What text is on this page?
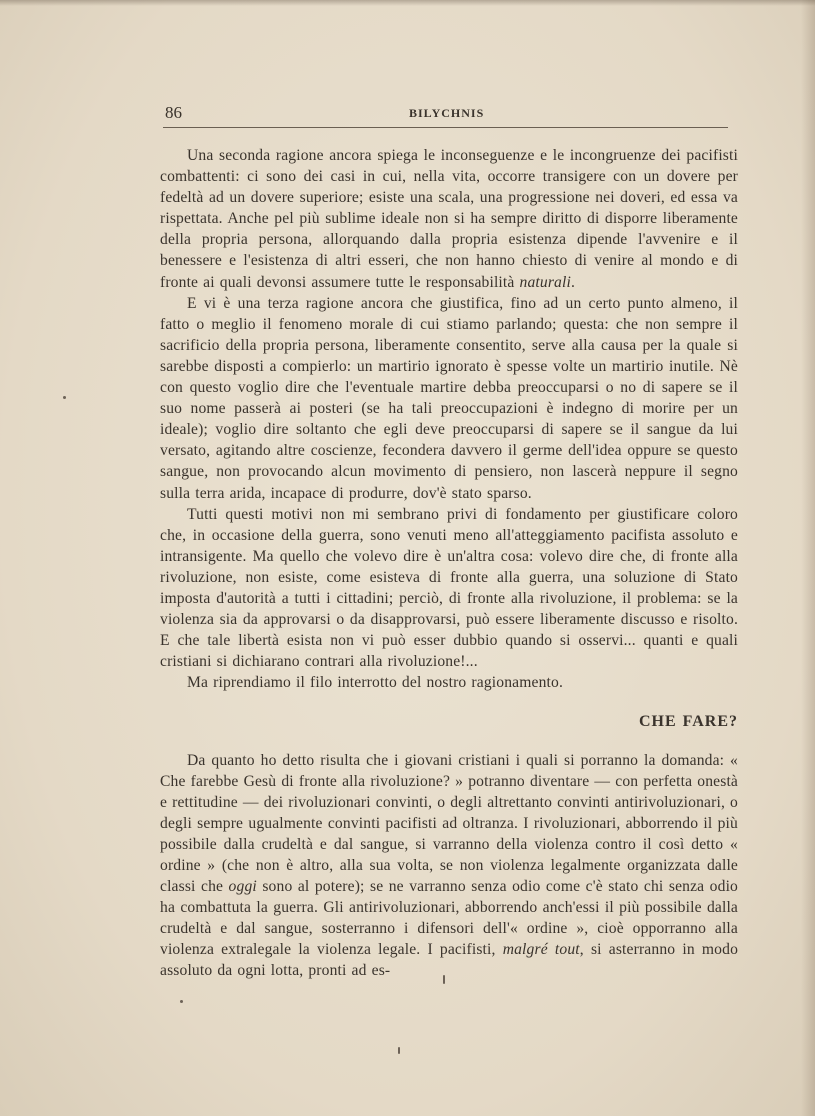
86	BILYCHNIS

Una seconda ragione ancora spiega le inconseguenze e le incongruenze dei pacifisti combattenti: ci sono dei casi in cui, nella vita, occorre transigere con un dovere per fedeltà ad un dovere superiore; esiste una scala, una progressione nei doveri, ed essa va rispettata. Anche pel più sublime ideale non si ha sempre diritto di disporre liberamente della propria persona, allorquando dalla propria esistenza dipende l'avvenire e il benessere e l'esistenza di altri esseri, che non hanno chiesto di venire al mondo e di fronte ai quali devonsi assumere tutte le responsabilità naturali.

E vi è una terza ragione ancora che giustifica, fino ad un certo punto almeno, il fatto o meglio il fenomeno morale di cui stiamo parlando; questa: che non sempre il sacrificio della propria persona, liberamente consentito, serve alla causa per la quale si sarebbe disposti a compierlo: un martirio ignorato è spesse volte un martirio inutile. Nè con questo voglio dire che l'eventuale martire debba preoccuparsi o no di sapere se il suo nome passerà ai posteri (se ha tali preoccupazioni è indegno di morire per un ideale); voglio dire soltanto che egli deve preoccuparsi di sapere se il sangue da lui versato, agitando altre coscienze, fecondera davvero il germe dell'idea oppure se questo sangue, non provocando alcun movimento di pensiero, non lascerà neppure il segno sulla terra arida, incapace di produrre, dov'è stato sparso.

Tutti questi motivi non mi sembrano privi di fondamento per giustificare coloro che, in occasione della guerra, sono venuti meno all'atteggiamento pacifista assoluto e intransigente. Ma quello che volevo dire è un'altra cosa: volevo dire che, di fronte alla rivoluzione, non esiste, come esisteva di fronte alla guerra, una soluzione di Stato imposta d'autorità a tutti i cittadini; perciò, di fronte alla rivoluzione, il problema: se la violenza sia da approvarsi o da disapprovarsi, può essere liberamente discusso e risolto. E che tale libertà esista non vi può esser dubbio quando si osservi... quanti e quali cristiani si dichiarano contrari alla rivoluzione!...

Ma riprendiamo il filo interrotto del nostro ragionamento.

CHE FARE?

Da quanto ho detto risulta che i giovani cristiani i quali si porranno la domanda: « Che farebbe Gesù di fronte alla rivoluzione? » potranno diventare — con perfetta onestà e rettitudine — dei rivoluzionari convinti, o degli altrettanto convinti antirivoluzionari, o degli sempre ugualmente convinti pacifisti ad oltranza. I rivoluzionari, abborrendo il più possibile dalla crudeltà e dal sangue, si varranno della violenza contro il così detto « ordine » (che non è altro, alla sua volta, se non violenza legalmente organizzata dalle classi che oggi sono al potere); se ne varranno senza odio come c'è stato chi senza odio ha combattuta la guerra. Gli antirivoluzionari, abborrendo anch'essi il più possibile dalla crudeltà e dal sangue, sosterranno i difensori dell'« ordine », cioè opporranno alla violenza extralegale la violenza legale. I pacifisti, malgré tout, si asterranno in modo assoluto da ogni lotta, pronti ad es-
